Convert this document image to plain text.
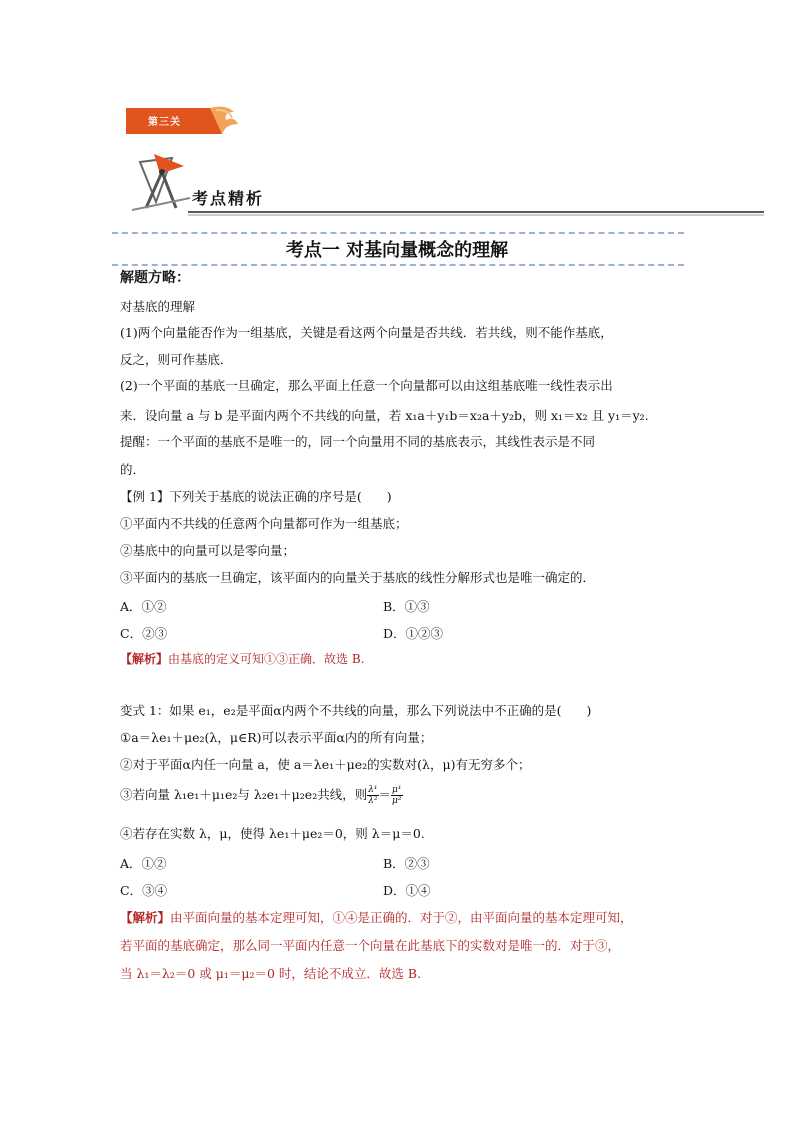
第三关
考点精析
考点一 对基向量概念的理解
解题方略：
对基底的理解
(1)两个向量能否作为一组基底，关键是看这两个向量是否共线．若共线，则不能作基底，
反之，则可作基底．
(2)一个平面的基底一旦确定，那么平面上任意一个向量都可以由这组基底唯一线性表示出
来．设向量 a 与 b 是平面内两个不共线的向量，若 x₁a＋y₁b＝x₂a＋y₂b，则 x₁＝x₂ 且 y₁＝y₂.
提醒：一个平面的基底不是唯一的，同一个向量用不同的基底表示，其线性表示是不同
的．
【例 1】下列关于基底的说法正确的序号是(　　)
①平面内不共线的任意两个向量都可作为一组基底；
②基底中的向量可以是零向量；
③平面内的基底一旦确定，该平面内的向量关于基底的线性分解形式也是唯一确定的．
A．①②	B．①③
C．②③	D．①②③
【解析】由基底的定义可知①③正确．故选 B.
变式 1：如果 e₁，e₂是平面α内两个不共线的向量，那么下列说法中不正确的是(　　)
①a＝λe₁＋μe₂(λ，μ∈R)可以表示平面α内的所有向量；
②对于平面α内任一向量 a，使 a＝λe₁＋μe₂的实数对(λ，μ)有无穷多个；
③若向量 λ₁e₁＋μ₁e₂与 λ₂e₁＋μ₂e₂共线，则 $\frac{\text{λ¹}}{\text{λ²}} = \frac{\text{μ¹}}{\text{μ²}}$
④若存在实数 λ，μ，使得 λe₁＋μe₂＝0，则 λ＝μ＝0.
A．①②	B．②③
C．③④	D．①④
【解析】由平面向量的基本定理可知，①④是正确的．对于②，由平面向量的基本定理可知，
若平面的基底确定，那么同一平面内任意一个向量在此基底下的实数对是唯一的．对于③，
当 λ₁＝λ₂＝0 或 μ₁＝μ₂＝0 时，结论不成立．故选 B.
